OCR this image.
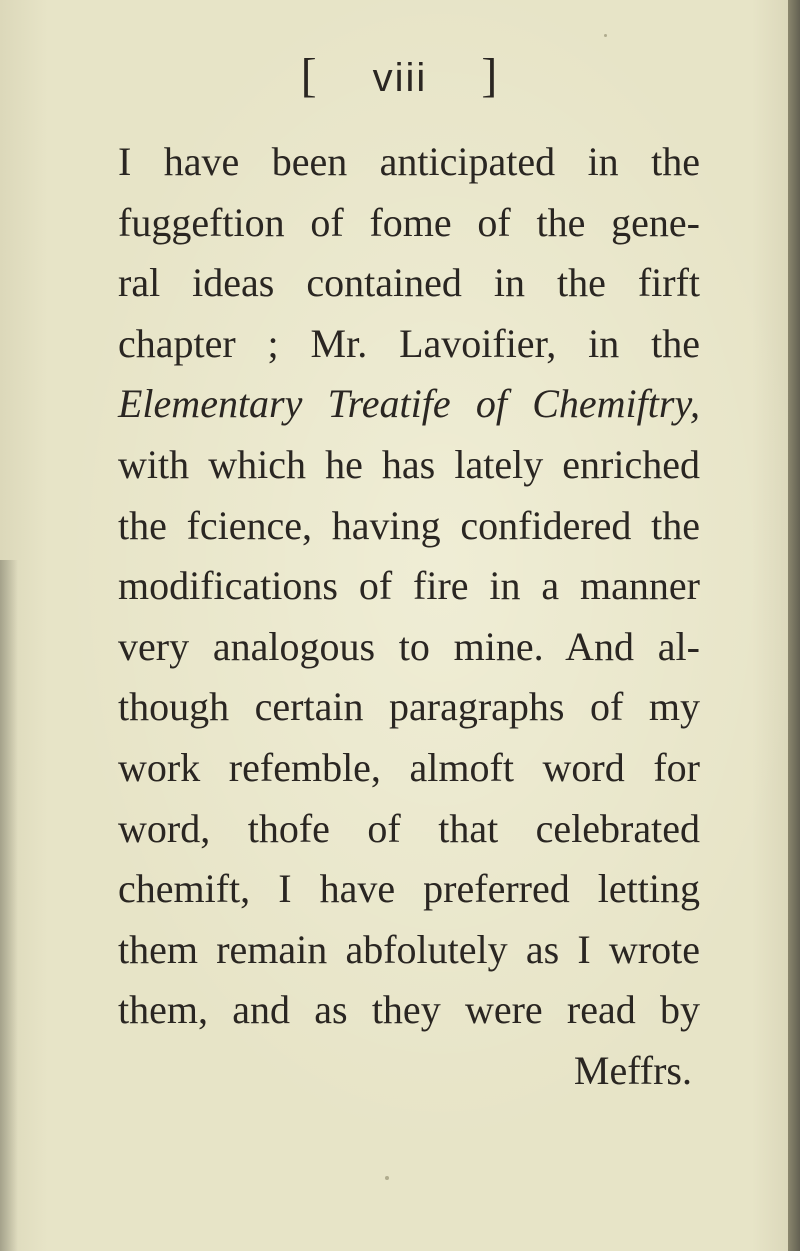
[ viii ]
I have been anticipated in the
fuggeftion of fome of the gene-
ral ideas contained in the firft
chapter ; Mr. Lavoifier, in the
Elementary Treatife of Chemiftry,
with which he has lately enriched
the fcience, having confidered the
modifications of fire in a manner
very analogous to mine. And al-
though certain paragraphs of my
work refemble, almoft word for
word, thofe of that celebrated
chemift, I have preferred letting
them remain abfolutely as I wrote
them, and as they were read by
Meffrs.
